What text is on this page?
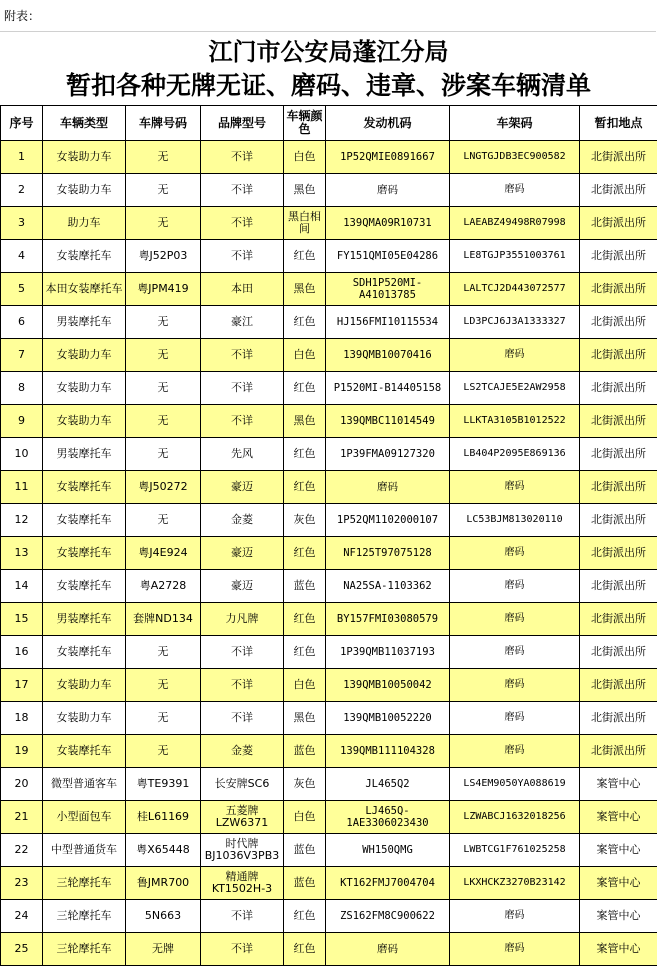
附表：
江门市公安局蓬江分局
暂扣各种无牌无证、磨码、违章、涉案车辆清单
序号	车辆类型	车牌号码	品牌型号	车辆颜色	发动机码	车架码	暂扣地点
1	女装助力车	无	不详	白色	1P52QMIE0891667	LNGTGJDB3EC900582	北街派出所
2	女装助力车	无	不详	黑色	磨码	磨码	北街派出所
3	助力车	无	不详	黑白相间	139QMA09R10731	LAEABZ49498R07998	北街派出所
4	女装摩托车	粤J52P03	不详	红色	FY151QMI05E04286	LE8TGJP3551003761	北街派出所
5	本田女装摩托车	粤JPM419	本田	黑色	SDH1P520MI-A41013785	LALTCJ2D443072577	北街派出所
6	男装摩托车	无	豪江	红色	HJ156FMI10115534	LD3PCJ6J3A1333327	北街派出所
7	女装助力车	无	不详	白色	139QMB10070416	磨码	北街派出所
8	女装助力车	无	不详	红色	P1520MI-B14405158	LS2TCAJE5E2AW2958	北街派出所
9	女装助力车	无	不详	黑色	139QMBC11014549	LLKTA3105B1012522	北街派出所
10	男装摩托车	无	先风	红色	1P39FMA09127320	LB404P2095E869136	北街派出所
11	女装摩托车	粤J50272	豪迈	红色	磨码	磨码	北街派出所
12	女装摩托车	无	金菱	灰色	1P52QM1102000107	LC53BJM813020110	北街派出所
13	女装摩托车	粤J4E924	豪迈	红色	NF125T97075128	磨码	北街派出所
14	女装摩托车	粤A2728	豪迈	蓝色	NA25SA-1103362	磨码	北街派出所
15	男装摩托车	套牌ND134	力凡牌	红色	BY157FMI03080579	磨码	北街派出所
16	女装摩托车	无	不详	红色	1P39QMB11037193	磨码	北街派出所
17	女装助力车	无	不详	白色	139QMB10050042	磨码	北街派出所
18	女装助力车	无	不详	黑色	139QMB10052220	磨码	北街派出所
19	女装摩托车	无	金菱	蓝色	139QMB111104328	磨码	北街派出所
20	微型普通客车	粤TE9391	长安牌SC6	灰色	JL465Q2	LS4EM9050YA088619	案管中心
21	小型面包车	桂L61169	五菱牌LZW6371	白色	LJ465Q-1AE3306023430	LZWABCJ1632018256	案管中心
22	中型普通货车	粤X65448	时代牌BJ1036V3PB3	蓝色	WH150QMG	LWBTCG1F761025258	案管中心
23	三轮摩托车	鲁JMR700	精通牌KT1502H-3	蓝色	KT162FMJ7004704	LKXHCKZ3270B23142	案管中心
24	三轮摩托车	5N663	不详	红色	ZS162FM8C900622	磨码	案管中心
25	三轮摩托车	无牌	不详	红色	磨码	磨码	案管中心
